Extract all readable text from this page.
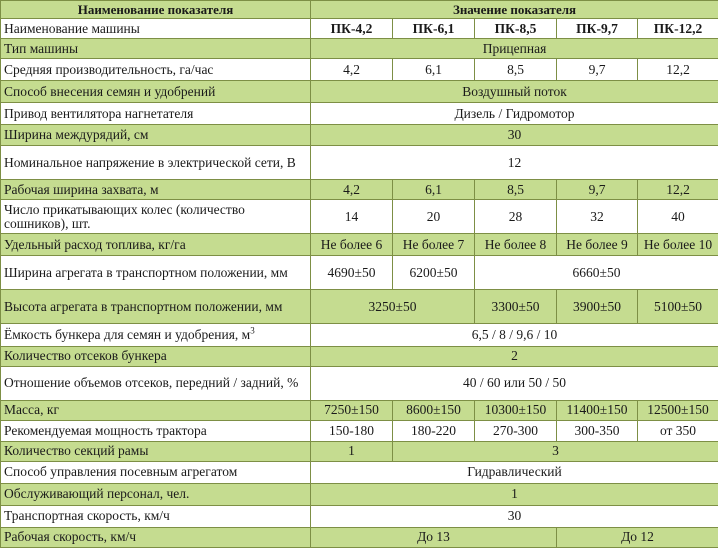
Наименование показателя	Значение показателя				
Наименование машины	ПК-4,2	ПК-6,1	ПК-8,5	ПК-9,7	ПК-12,2
Тип машины	Прицепная				
Средняя производительность, га/час	4,2	6,1	8,5	9,7	12,2
Способ внесения семян и удобрений	Воздушный поток				
Привод вентилятора нагнетателя	Дизель / Гидромотор				
Ширина междурядий, см	30				
Номинальное напряжение в электрической сети, В	12				
Рабочая ширина захвата, м	4,2	6,1	8,5	9,7	12,2
Число прикатывающих колес (количество сошников), шт.	14	20	28	32	40
Удельный расход топлива, кг/га	Не более 6	Не более 7	Не более 8	Не более 9	Не более 10
Ширина агрегата в транспортном положении, мм	4690±50	6200±50	6660±50		
Высота агрегата в транспортном положении, мм	3250±50		3300±50	3900±50	5100±50
Ёмкость бункера для семян и удобрения, $м^3$	6,5 / 8 / 9,6 / 10				
Количество отсеков бункера	2				
Отношение объемов отсеков, передний / задний, %	40 / 60 или 50 / 50				
Масса, кг	7250±150	8600±150	10300±150	11400±150	12500±150
Рекомендуемая мощность трактора	150-180	180-220	270-300	300-350	от 350
Количество секций рамы	1	3			
Способ управления посевным агрегатом	Гидравлический				
Обслуживающий персонал, чел.	1				
Транспортная скорость, км/ч	30				
Рабочая скорость, км/ч	До 13			До 12	
